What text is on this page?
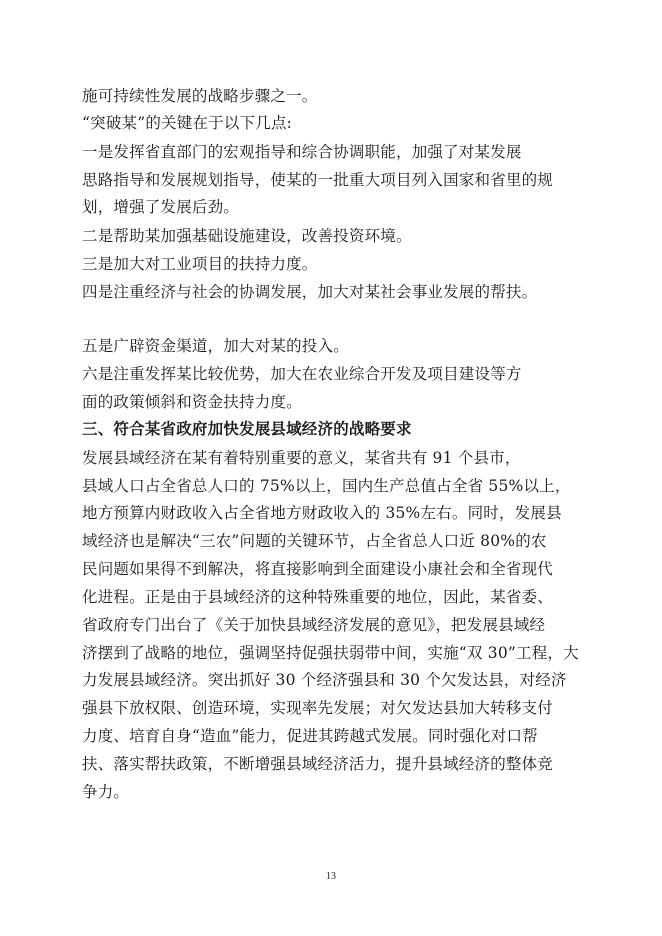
施可持续性发展的战略步骤之一。
“突破某”的关键在于以下几点:
一是发挥省直部门的宏观指导和综合协调职能，加强了对某发展
思路指导和发展规划指导，使某的一批重大项目列入国家和省里的规
划，增强了发展后劲。
二是帮助某加强基础设施建设，改善投资环境。
三是加大对工业项目的扶持力度。
四是注重经济与社会的协调发展，加大对某社会事业发展的帮扶。
五是广辟资金渠道，加大对某的投入。
六是注重发挥某比较优势，加大在农业综合开发及项目建设等方
面的政策倾斜和资金扶持力度。
三、符合某省政府加快发展县域经济的战略要求
发展县域经济在某有着特别重要的意义，某省共有 91 个县市，
县域人口占全省总人口的 75%以上，国内生产总值占全省 55%以上，
地方预算内财政收入占全省地方财政收入的 35%左右。同时，发展县
域经济也是解决“三农”问题的关键环节，占全省总人口近 80%的农
民问题如果得不到解决，将直接影响到全面建设小康社会和全省现代
化进程。正是由于县域经济的这种特殊重要的地位，因此，某省委、
省政府专门出台了《关于加快县域经济发展的意见》，把发展县域经
济摆到了战略的地位，强调坚持促强扶弱带中间，实施“双 30”工程，大
力发展县域经济。突出抓好 30 个经济强县和 30 个欠发达县，对经济
强县下放权限、创造环境，实现率先发展；对欠发达县加大转移支付
力度、培育自身“造血”能力，促进其跨越式发展。同时强化对口帮
扶、落实帮扶政策，不断增强县域经济活力，提升县域经济的整体竞
争力。
13
